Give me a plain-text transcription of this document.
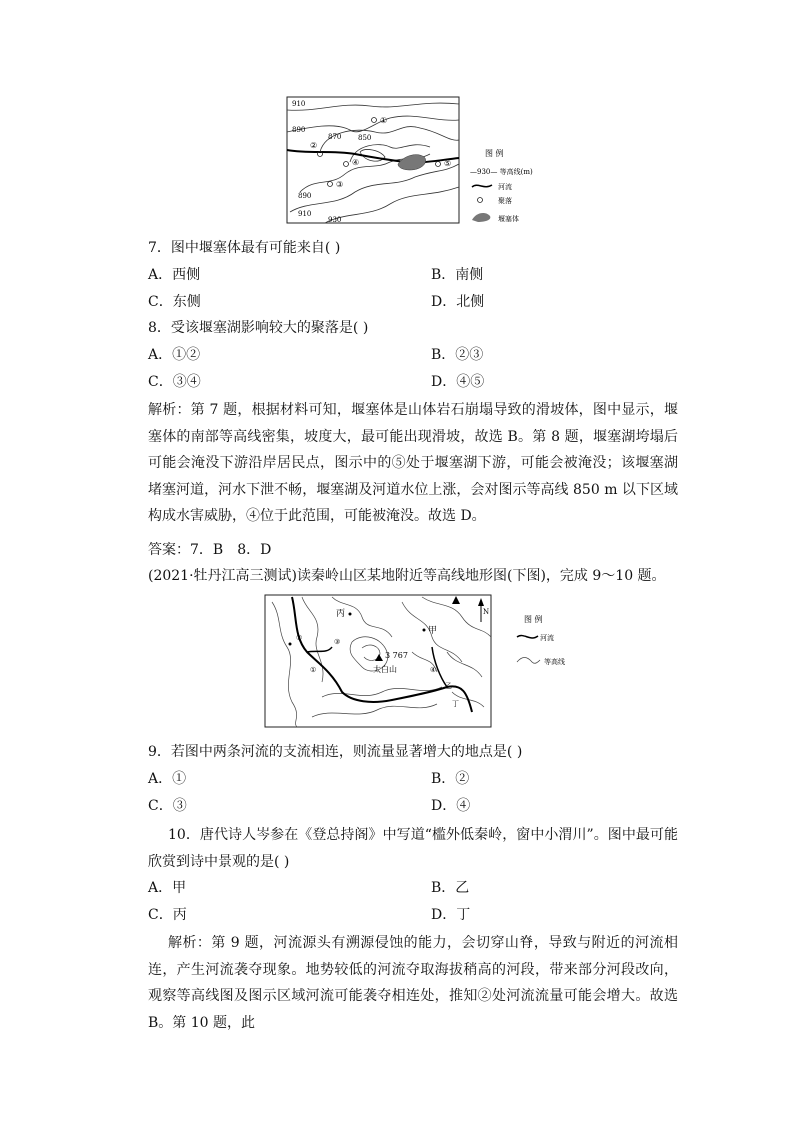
910
890
870 850
890
910
930
①
②
③
④	⑤
图 例
—930— 等高线(m)
河流
聚落
堰塞体
7．图中堰塞体最有可能来自( )
A．西侧	B．南侧
C．东侧	D．北侧
8．受该堰塞湖影响较大的聚落是( )
A．①②	B．②③
C．③④	D．④⑤
解析：第 7 题，根据材料可知，堰塞体是山体岩石崩塌导致的滑坡体，图中显示，堰塞体的南部等高线密集，坡度大，最可能出现滑坡，故选 B。第 8 题，堰塞湖垮塌后可能会淹没下游沿岸居民点，图示中的⑤处于堰塞湖下游，可能会被淹没；该堰塞湖堵塞河道，河水下泄不畅，堰塞湖及河道水位上涨，会对图示等高线 850 m 以下区域构成水害威胁，④位于此范围，可能被淹没。故选 D。
答案：7．B　8．D
(2021·牡丹江高三测试)读秦岭山区某地附近等高线地形图(下图)，完成 9～10 题。
N
丙
甲
②
①
③
④
乙
丁
3 767
太白山
图 例
河流
等高线
9．若图中两条河流的支流相连，则流量显著增大的地点是( )
A．①	B．②
C．③	D．④
10．唐代诗人岑参在《登总持阁》中写道“槛外低秦岭，窗中小渭川”。图中最可能欣赏到诗中景观的是( )
A．甲	B．乙
C．丙	D．丁
解析：第 9 题，河流源头有溯源侵蚀的能力，会切穿山脊，导致与附近的河流相连，产生河流袭夺现象。地势较低的河流夺取海拔稍高的河段，带来部分河段改向，观察等高线图及图示区域河流可能袭夺相连处，推知②处河流流量可能会增大。故选 B。第 10 题，此
